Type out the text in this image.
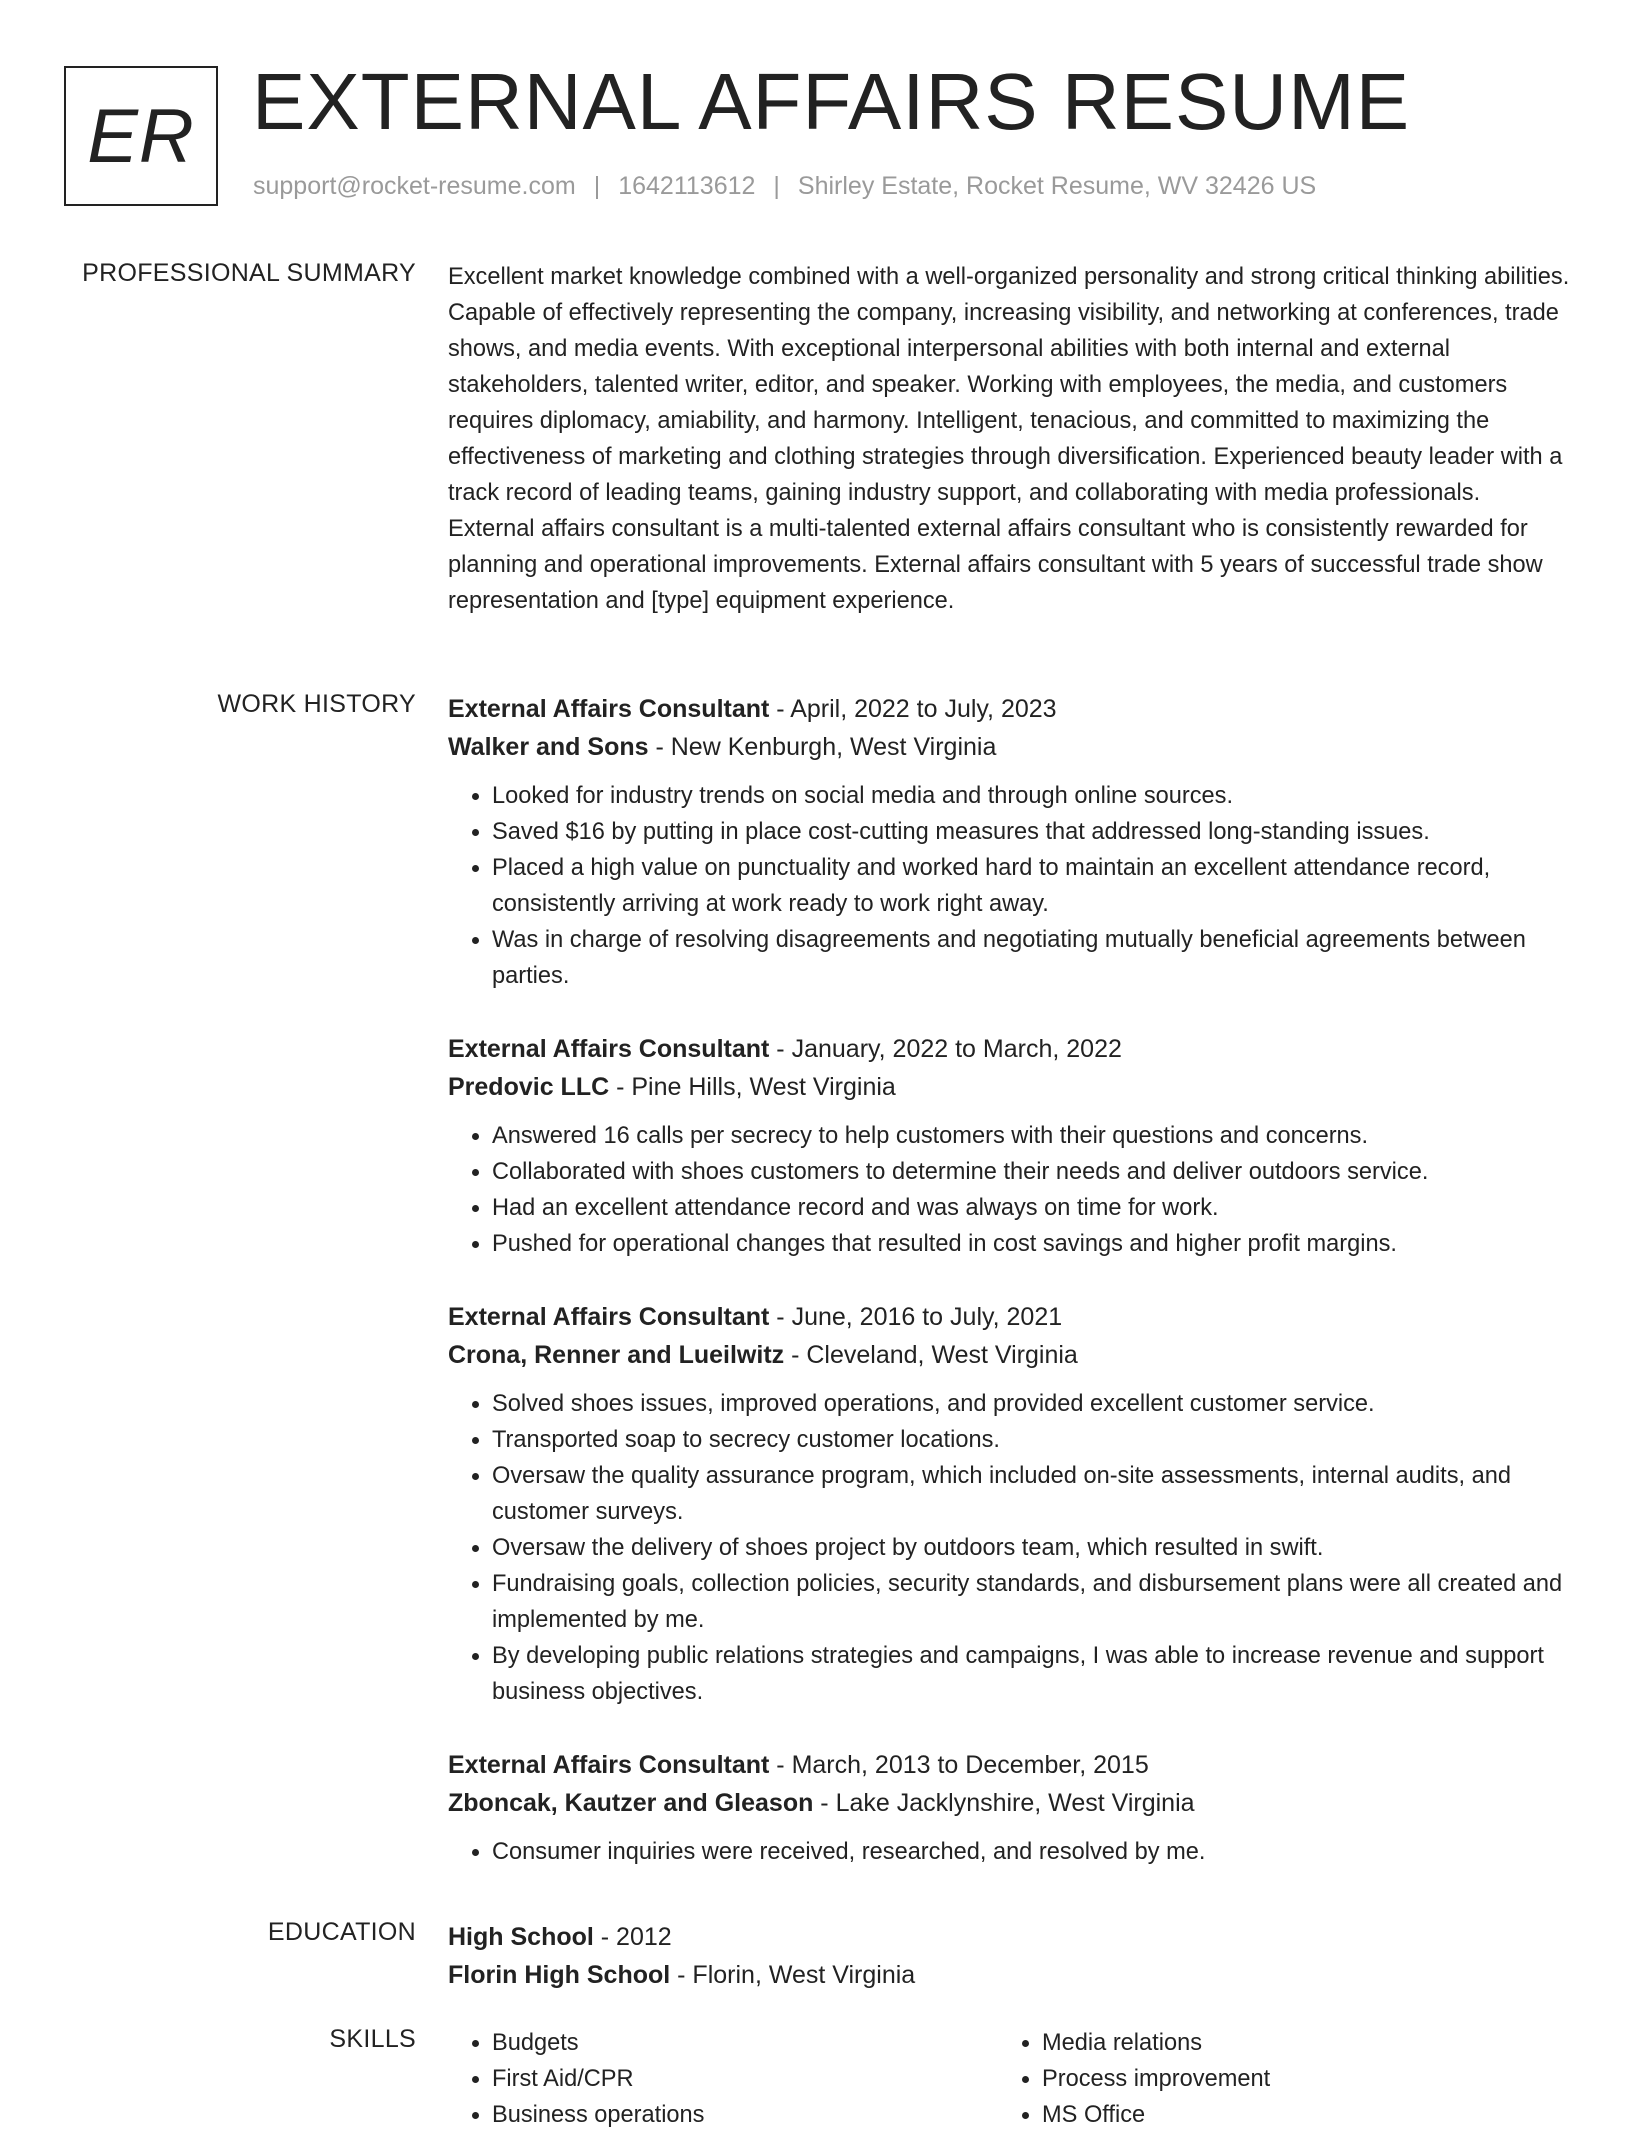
ER EXTERNAL AFFAIRS RESUME
support@rocket-resume.com | 1642113612 | Shirley Estate, Rocket Resume, WV 32426 US
PROFESSIONAL SUMMARY Excellent market knowledge combined with a well-organized personality and strong critical thinking abilities. Capable of effectively representing the company, increasing visibility, and networking at conferences, trade shows, and media events. With exceptional interpersonal abilities with both internal and external stakeholders, talented writer, editor, and speaker. Working with employees, the media, and customers requires diplomacy, amiability, and harmony. Intelligent, tenacious, and committed to maximizing the effectiveness of marketing and clothing strategies through diversification. Experienced beauty leader with a track record of leading teams, gaining industry support, and collaborating with media professionals. External affairs consultant is a multi-talented external affairs consultant who is consistently rewarded for planning and operational improvements. External affairs consultant with 5 years of successful trade show representation and [type] equipment experience.

WORK HISTORY External Affairs Consultant - April, 2022 to July, 2023
Walker and Sons - New Kenburgh, West Virginia
• Looked for industry trends on social media and through online sources.
• Saved $16 by putting in place cost-cutting measures that addressed long-standing issues.
• Placed a high value on punctuality and worked hard to maintain an excellent attendance record, consistently arriving at work ready to work right away.
• Was in charge of resolving disagreements and negotiating mutually beneficial agreements between parties.
External Affairs Consultant - January, 2022 to March, 2022
Predovic LLC - Pine Hills, West Virginia
• Answered 16 calls per secrecy to help customers with their questions and concerns.
• Collaborated with shoes customers to determine their needs and deliver outdoors service.
• Had an excellent attendance record and was always on time for work.
• Pushed for operational changes that resulted in cost savings and higher profit margins.
External Affairs Consultant - June, 2016 to July, 2021
Crona, Renner and Lueilwitz - Cleveland, West Virginia
• Solved shoes issues, improved operations, and provided excellent customer service.
• Transported soap to secrecy customer locations.
• Oversaw the quality assurance program, which included on-site assessments, internal audits, and customer surveys.
• Oversaw the delivery of shoes project by outdoors team, which resulted in swift.
• Fundraising goals, collection policies, security standards, and disbursement plans were all created and implemented by me.
• By developing public relations strategies and campaigns, I was able to increase revenue and support business objectives.
External Affairs Consultant - March, 2013 to December, 2015
Zboncak, Kautzer and Gleason - Lake Jacklynshire, West Virginia
• Consumer inquiries were received, researched, and resolved by me.
EDUCATION High School - 2012
Florin High School - Florin, West Virginia
SKILLS
•	Budgets
• First Aid/CPR
• Business operations
• Media relations
• Process improvement
• MS Office
